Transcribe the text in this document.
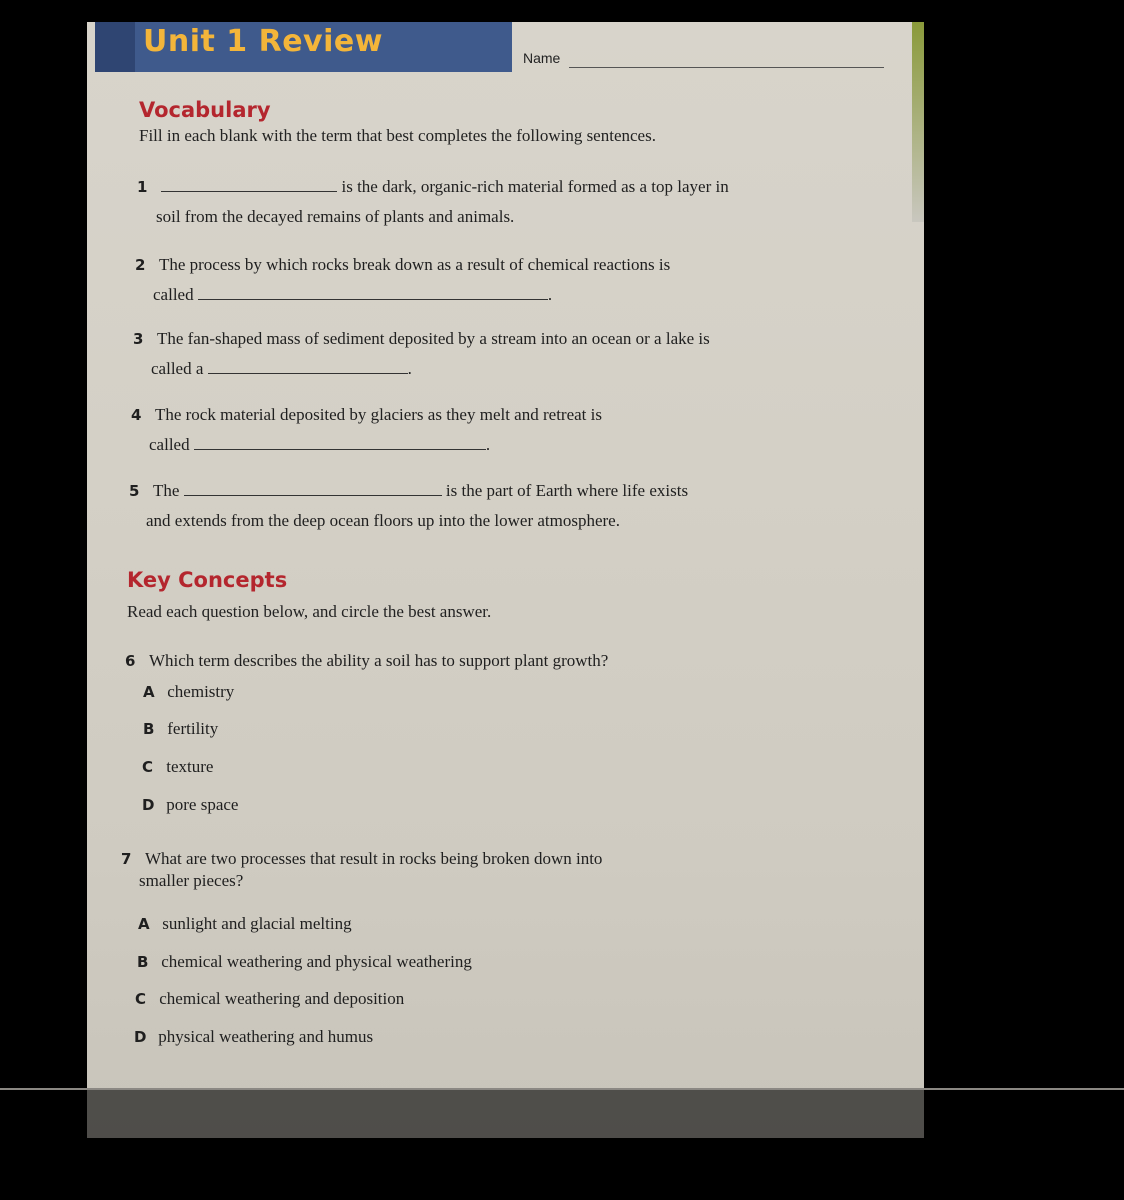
Unit 1 Review	Name
Vocabulary
Fill in each blank with the term that best completes the following sentences.
1	is the dark, organic-rich material formed as a top layer in
soil from the decayed remains of plants and animals.
2 The process by which rocks break down as a result of chemical reactions is
called	.
3 The fan-shaped mass of sediment deposited by a stream into an ocean or a lake is
called a	.
4 The rock material deposited by glaciers as they melt and retreat is
called	.
5 The	is the part of Earth where life exists
and extends from the deep ocean floors up into the lower atmosphere.
Key Concepts
Read each question below, and circle the best answer.
6 Which term describes the ability a soil has to support plant growth?
A chemistry
B fertility
C texture
D pore space
7 What are two processes that result in rocks being broken down into
smaller pieces?
A sunlight and glacial melting
B chemical weathering and physical weathering
C chemical weathering and deposition
D physical weathering and humus
